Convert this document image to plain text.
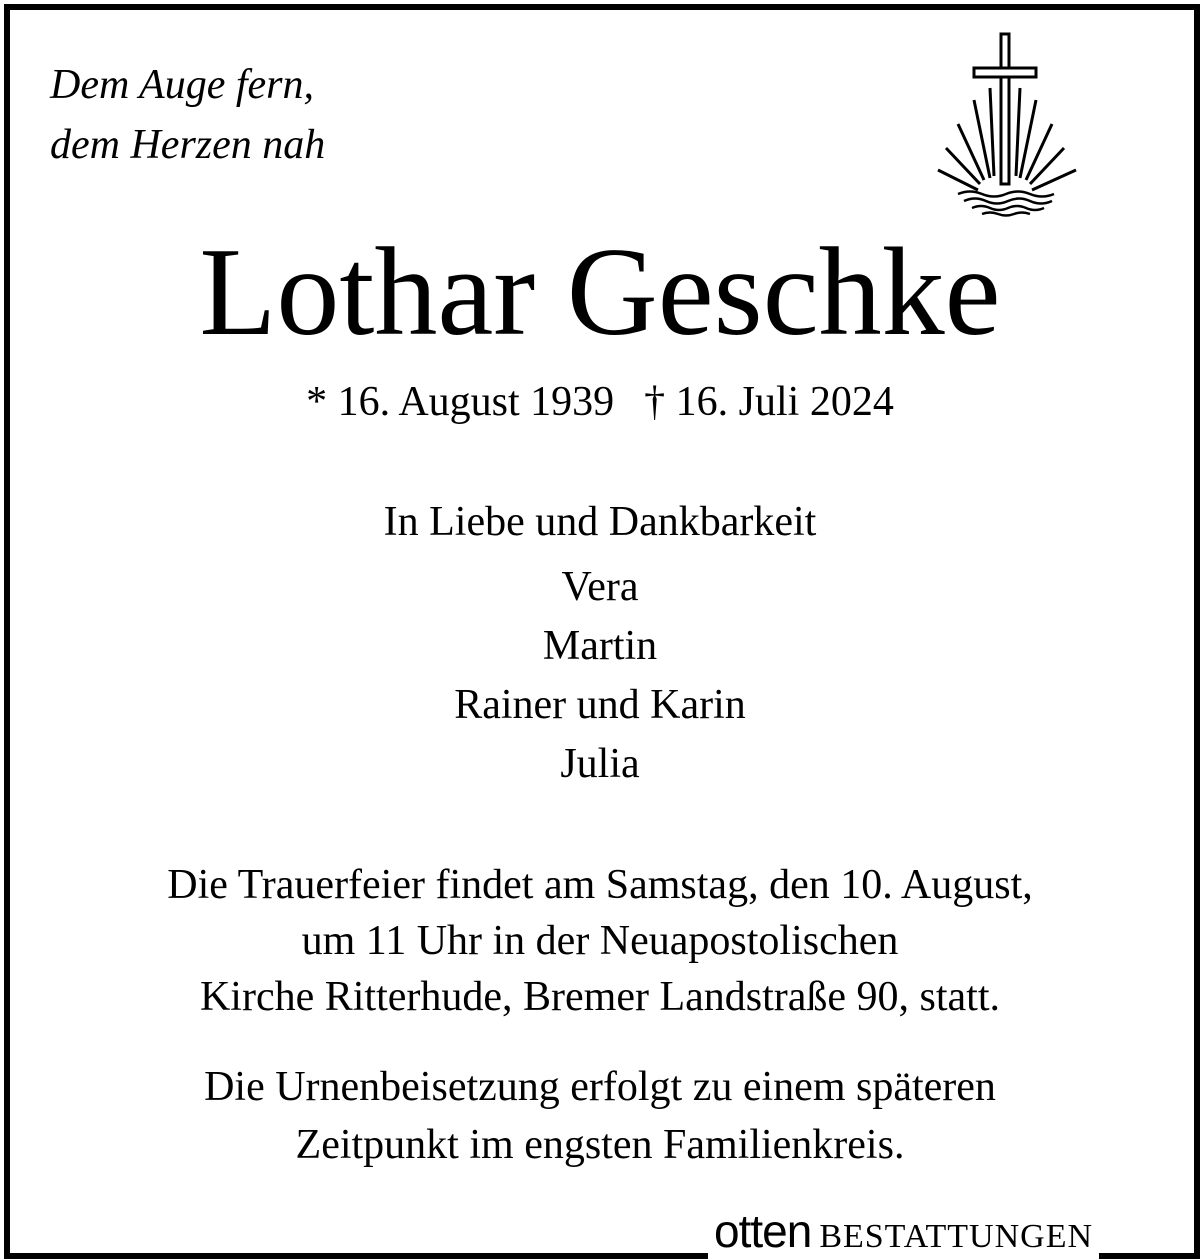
Dem Auge fern,
dem Herzen nah
Lothar Geschke
* 16. August 1939 † 16. Juli 2024
In Liebe und Dankbarkeit
Vera
Martin
Rainer und Karin
Julia
Die Trauerfeier findet am Samstag, den 10. August,
um 11 Uhr in der Neuapostolischen
Kirche Ritterhude, Bremer Landstraße 90, statt.
Die Urnenbeisetzung erfolgt zu einem späteren
Zeitpunkt im engsten Familienkreis.
otten BESTATTUNGEN
